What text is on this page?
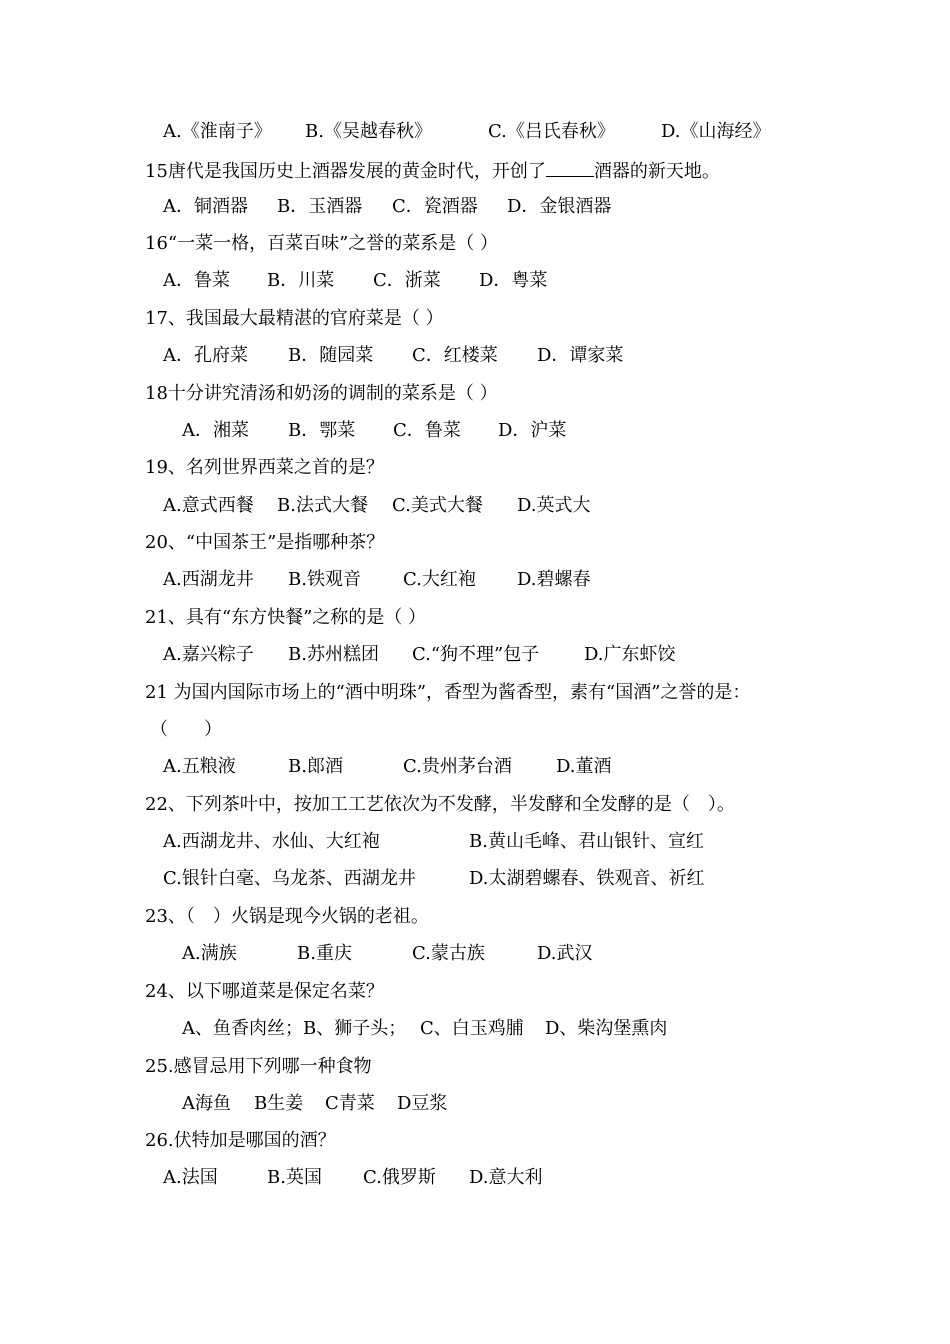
A.《淮南子》 B.《吴越春秋》	C.《吕氏春秋》	D.《山海经》
15唐代是我国历史上酒器发展的黄金时代，开创了	酒器的新天地。
A．铜酒器 B．玉酒器 C．瓷酒器 D．金银酒器
16“一菜一格，百菜百味”之誉的菜系是（ ）
A．鲁菜 B．川菜 C．浙菜 D．粤菜
17、我国最大最精湛的官府菜是（ ）
A．孔府菜 B．随园菜 C．红楼菜 D．谭家菜
18十分讲究清汤和奶汤的调制的菜系是（ ）
A．湘菜 B．鄂菜 C．鲁菜 D．沪菜
19、名列世界西菜之首的是？
A.意式西餐 B.法式大餐 C.美式大餐 D.英式大
20、“中国茶王”是指哪种茶？
A.西湖龙井 B.铁观音 C.大红袍 D.碧螺春
21、具有“东方快餐”之称的是（ ）
A.嘉兴粽子 B.苏州糕团 C.“狗不理”包子 D.广东虾饺
21 为国内国际市场上的“酒中明珠”，香型为酱香型，素有“国酒”之誉的是：
（　　）
A.五粮液	B.郎酒	C.贵州茅台酒 D.董酒
22、下列茶叶中，按加工工艺依次为不发酵，半发酵和全发酵的是（　）。
A.西湖龙井、水仙、大红袍	B.黄山毛峰、君山银针、宣红
C.银针白毫、乌龙茶、西湖龙井	D.太湖碧螺春、铁观音、祈红
23、（　）火锅是现今火锅的老祖。
A.满族	B.重庆	C.蒙古族	D.武汉
24、以下哪道菜是保定名菜？
A、鱼香肉丝；B、狮子头； C、白玉鸡脯 D、柴沟堡熏肉
25.感冒忌用下列哪一种食物
A海鱼 B生姜 C青菜 D豆浆
26.伏特加是哪国的酒？
A.法国	B.英国 C.俄罗斯 D.意大利
